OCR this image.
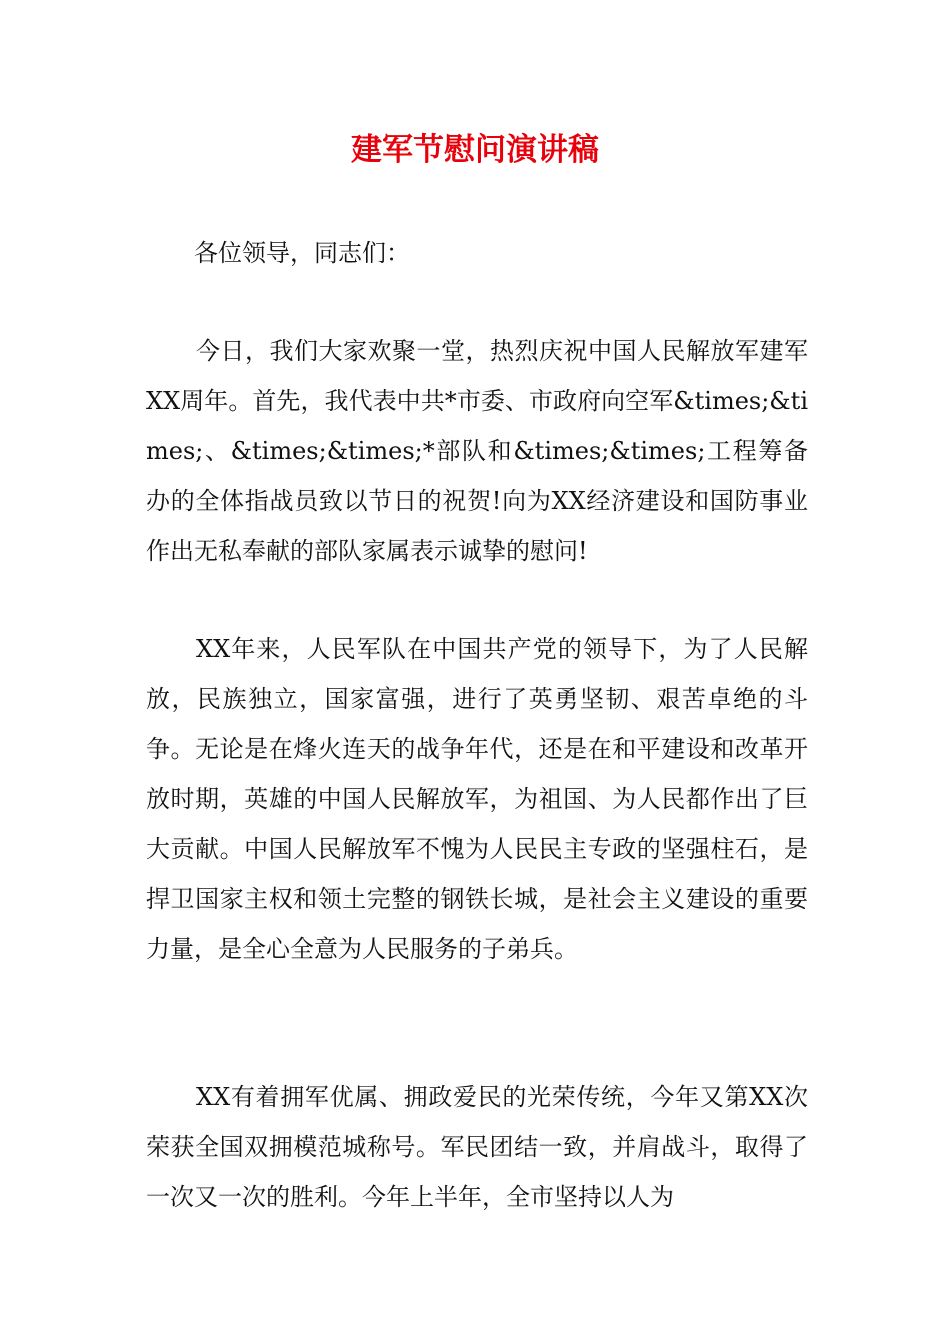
建军节慰问演讲稿

各位领导，同志们：

今日，我们大家欢聚一堂，热烈庆祝中国人民解放军建军XX周年。首先，我代表中共*市委、市政府向空军&times;&times;、&times;&times;*部队和&times;&times;工程筹备办的全体指战员致以节日的祝贺!向为XX经济建设和国防事业作出无私奉献的部队家属表示诚挚的慰问!

XX年来，人民军队在中国共产党的领导下，为了人民解放，民族独立，国家富强，进行了英勇坚韧、艰苦卓绝的斗争。无论是在烽火连天的战争年代，还是在和平建设和改革开放时期，英雄的中国人民解放军，为祖国、为人民都作出了巨大贡献。中国人民解放军不愧为人民民主专政的坚强柱石，是捍卫国家主权和领土完整的钢铁长城，是社会主义建设的重要力量，是全心全意为人民服务的子弟兵。

XX有着拥军优属、拥政爱民的光荣传统，今年又第XX次荣获全国双拥模范城称号。军民团结一致，并肩战斗，取得了一次又一次的胜利。今年上半年，全市坚持以人为
